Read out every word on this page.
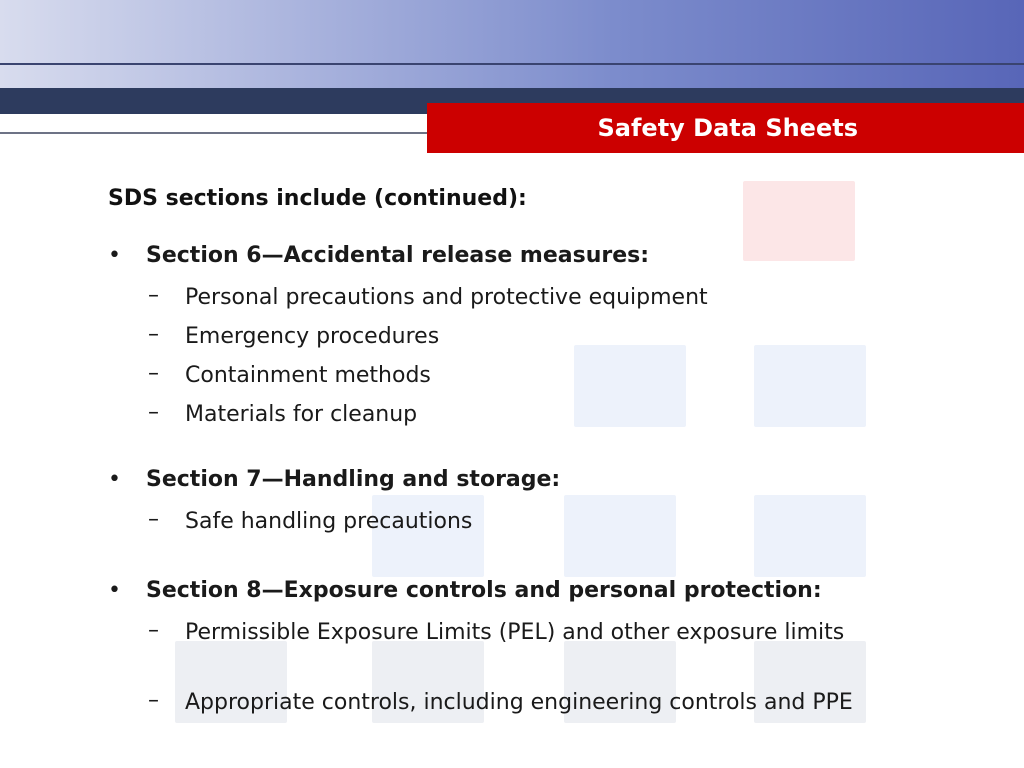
Safety Data Sheets
SDS sections include (continued):
• Section 6—Accidental release measures:
– Personal precautions and protective equipment
– Emergency procedures
– Containment methods
– Materials for cleanup
• Section 7—Handling and storage:
– Safe handling precautions
• Section 8—Exposure controls and personal protection:
– Permissible Exposure Limits (PEL) and other exposure limits
– Appropriate controls, including engineering controls and PPE
